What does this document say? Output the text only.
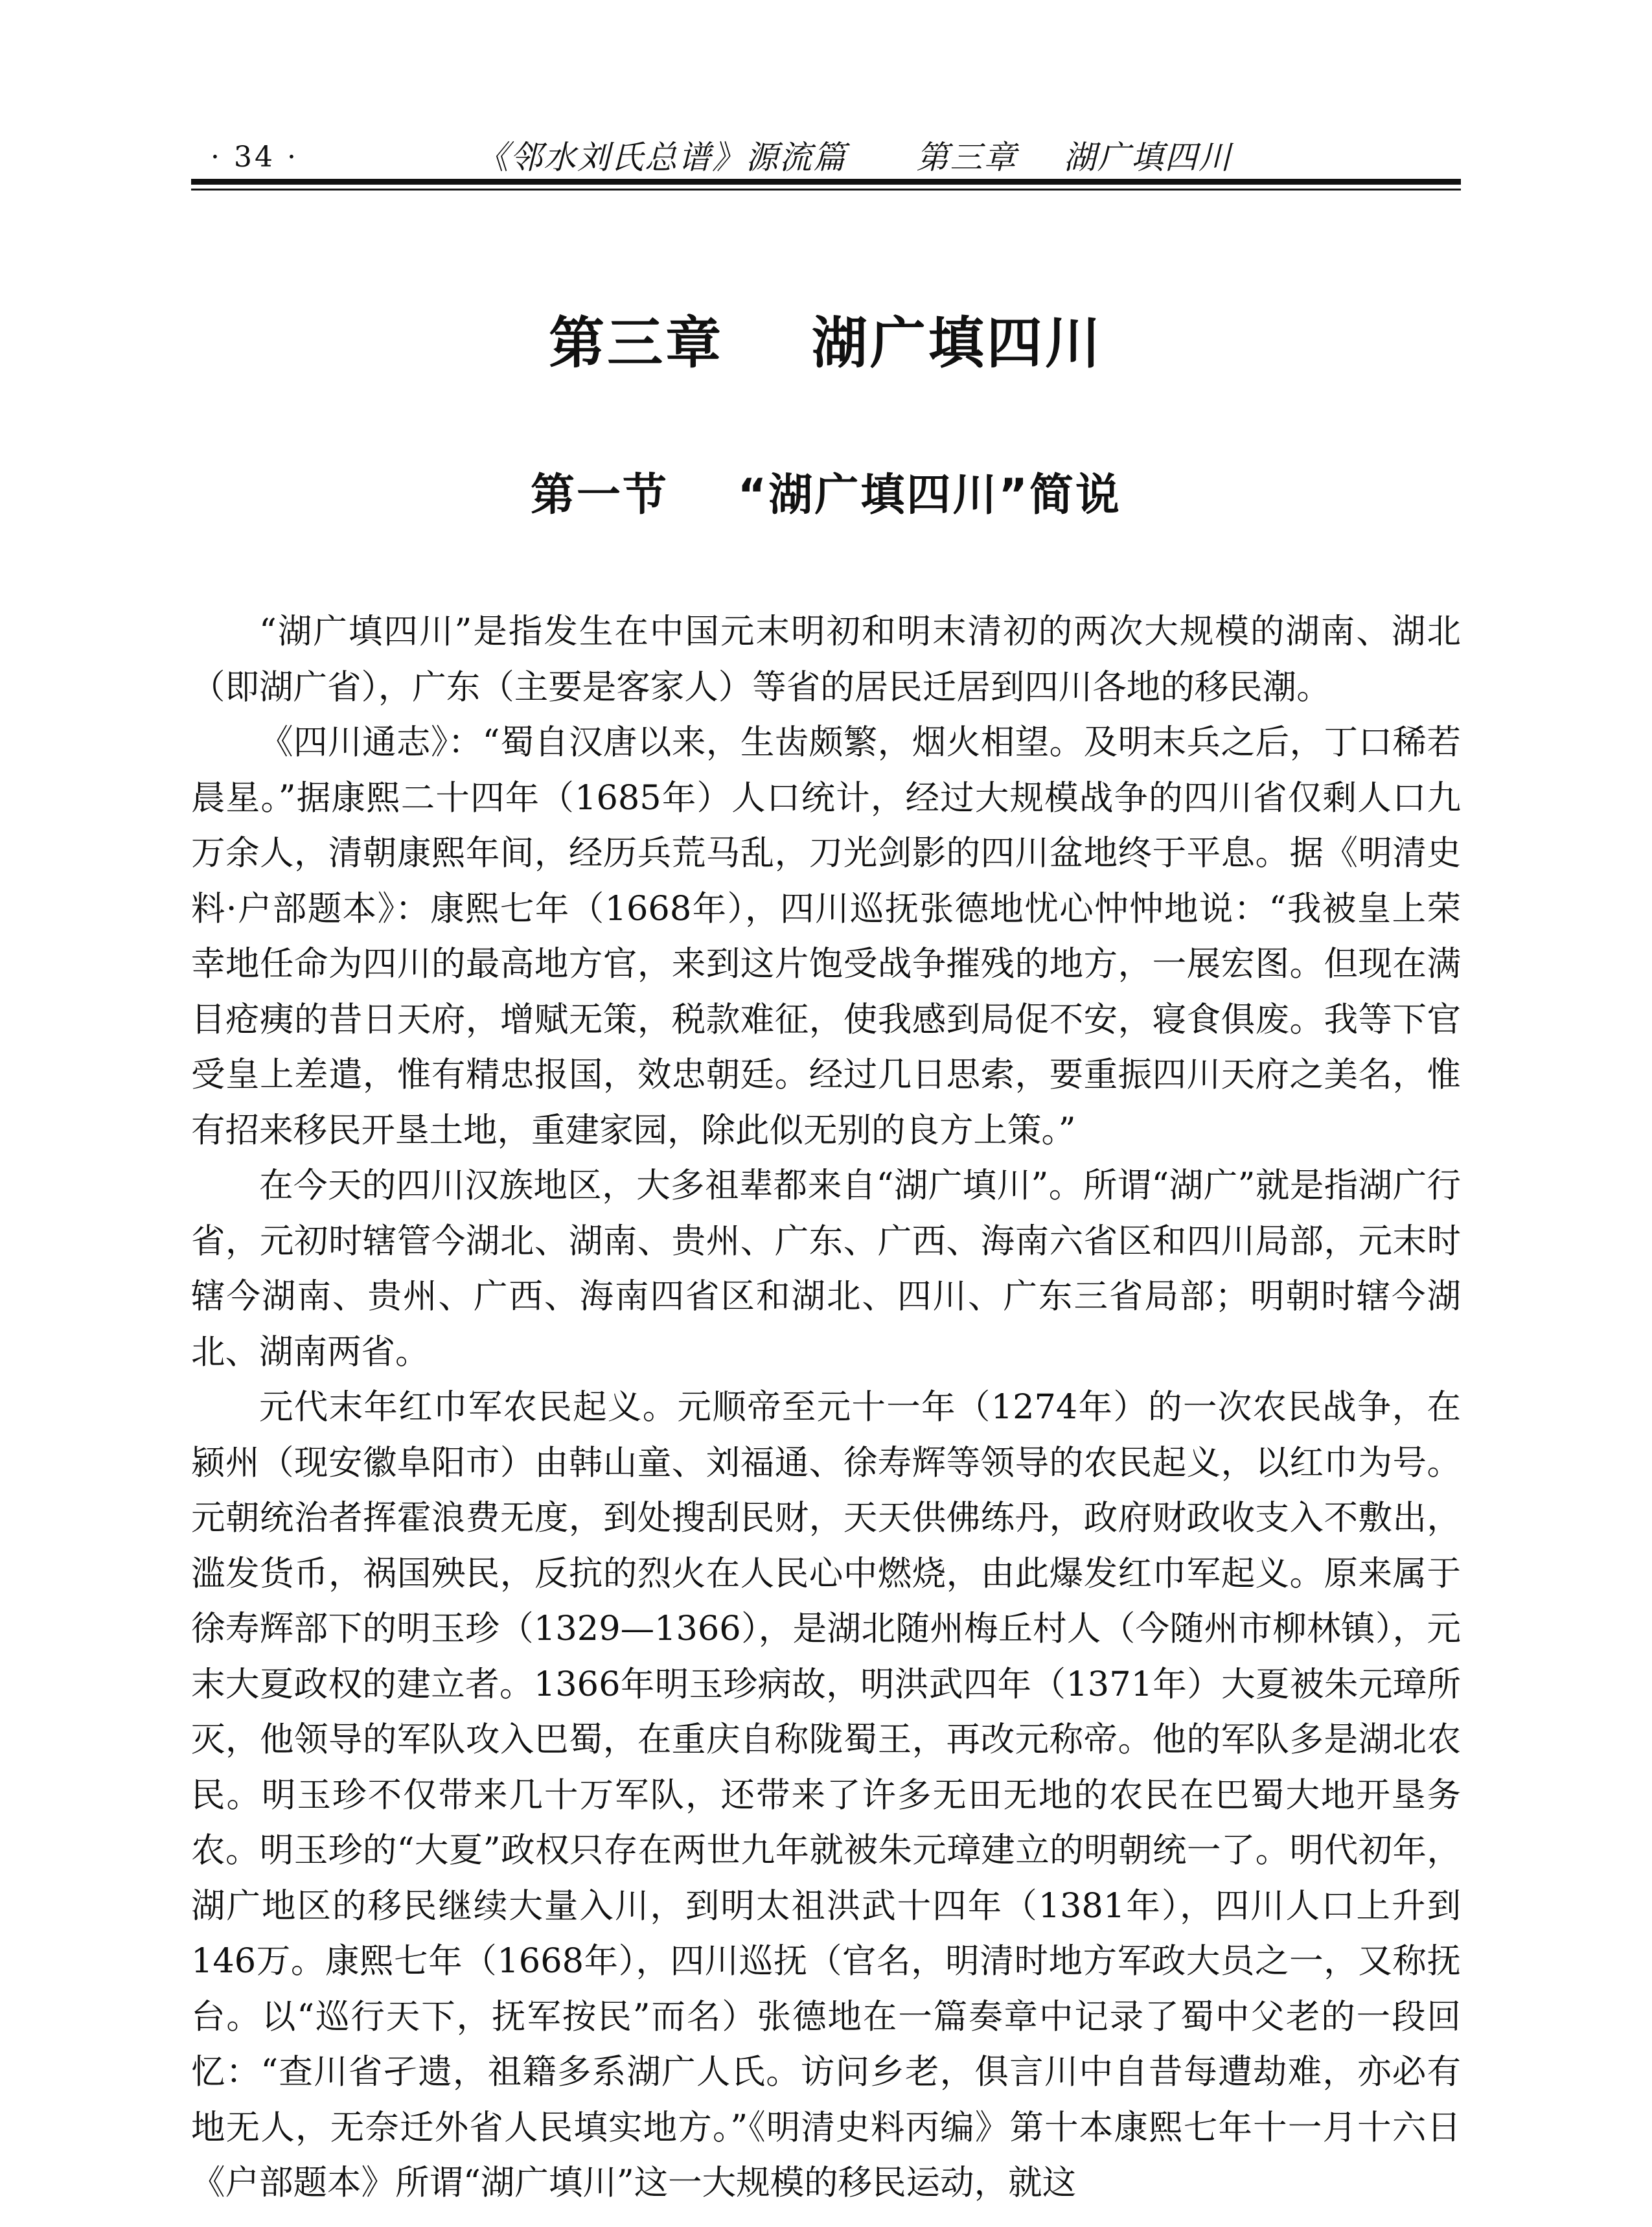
· 34 ·	《邻水刘氏总谱》源流篇      第三章    湖广填四川
第三章    湖广填四川
第一节    “湖广填四川”简说

“湖广填四川”是指发生在中国元末明初和明末清初的两次大规模的湖南、湖北（即湖广省），广东（主要是客家人）等省的居民迁居到四川各地的移民潮。

《四川通志》：“蜀自汉唐以来，生齿颇繁，烟火相望。及明末兵之后，丁口稀若晨星。”据康熙二十四年（1685年）人口统计，经过大规模战争的四川省仅剩人口九万余人，清朝康熙年间，经历兵荒马乱，刀光剑影的四川盆地终于平息。据《明清史料·户部题本》：康熙七年（1668年），四川巡抚张德地忧心忡忡地说：“我被皇上荣幸地任命为四川的最高地方官，来到这片饱受战争摧残的地方，一展宏图。但现在满目疮痍的昔日天府，增赋无策，税款难征，使我感到局促不安，寝食俱废。我等下官受皇上差遣，惟有精忠报国，效忠朝廷。经过几日思索，要重振四川天府之美名，惟有招来移民开垦土地，重建家园，除此似无别的良方上策。”

在今天的四川汉族地区，大多祖辈都来自“湖广填川”。所谓“湖广”就是指湖广行省，元初时辖管今湖北、湖南、贵州、广东、广西、海南六省区和四川局部，元末时辖今湖南、贵州、广西、海南四省区和湖北、四川、广东三省局部；明朝时辖今湖北、湖南两省。

元代末年红巾军农民起义。元顺帝至元十一年（1274年）的一次农民战争，在颍州（现安徽阜阳市）由韩山童、刘福通、徐寿辉等领导的农民起义，以红巾为号。元朝统治者挥霍浪费无度，到处搜刮民财，天天供佛练丹，政府财政收支入不敷出，滥发货币，祸国殃民，反抗的烈火在人民心中燃烧，由此爆发红巾军起义。原来属于徐寿辉部下的明玉珍（1329—1366），是湖北随州梅丘村人（今随州市柳林镇），元末大夏政权的建立者。1366年明玉珍病故，明洪武四年（1371年）大夏被朱元璋所灭，他领导的军队攻入巴蜀，在重庆自称陇蜀王，再改元称帝。他的军队多是湖北农民。明玉珍不仅带来几十万军队，还带来了许多无田无地的农民在巴蜀大地开垦务农。明玉珍的“大夏”政权只存在两世九年就被朱元璋建立的明朝统一了。明代初年，湖广地区的移民继续大量入川，到明太祖洪武十四年（1381年），四川人口上升到146万。康熙七年（1668年），四川巡抚（官名，明清时地方军政大员之一，又称抚台。以“巡行天下，抚军按民”而名）张德地在一篇奏章中记录了蜀中父老的一段回忆：“查川省孑遗，祖籍多系湖广人氏。访问乡老，俱言川中自昔每遭劫难，亦必有地无人，无奈迁外省人民填实地方。”《明清史料丙编》第十本康熙七年十一月十六日《户部题本》所谓“湖广填川”这一大规模的移民运动，就这
